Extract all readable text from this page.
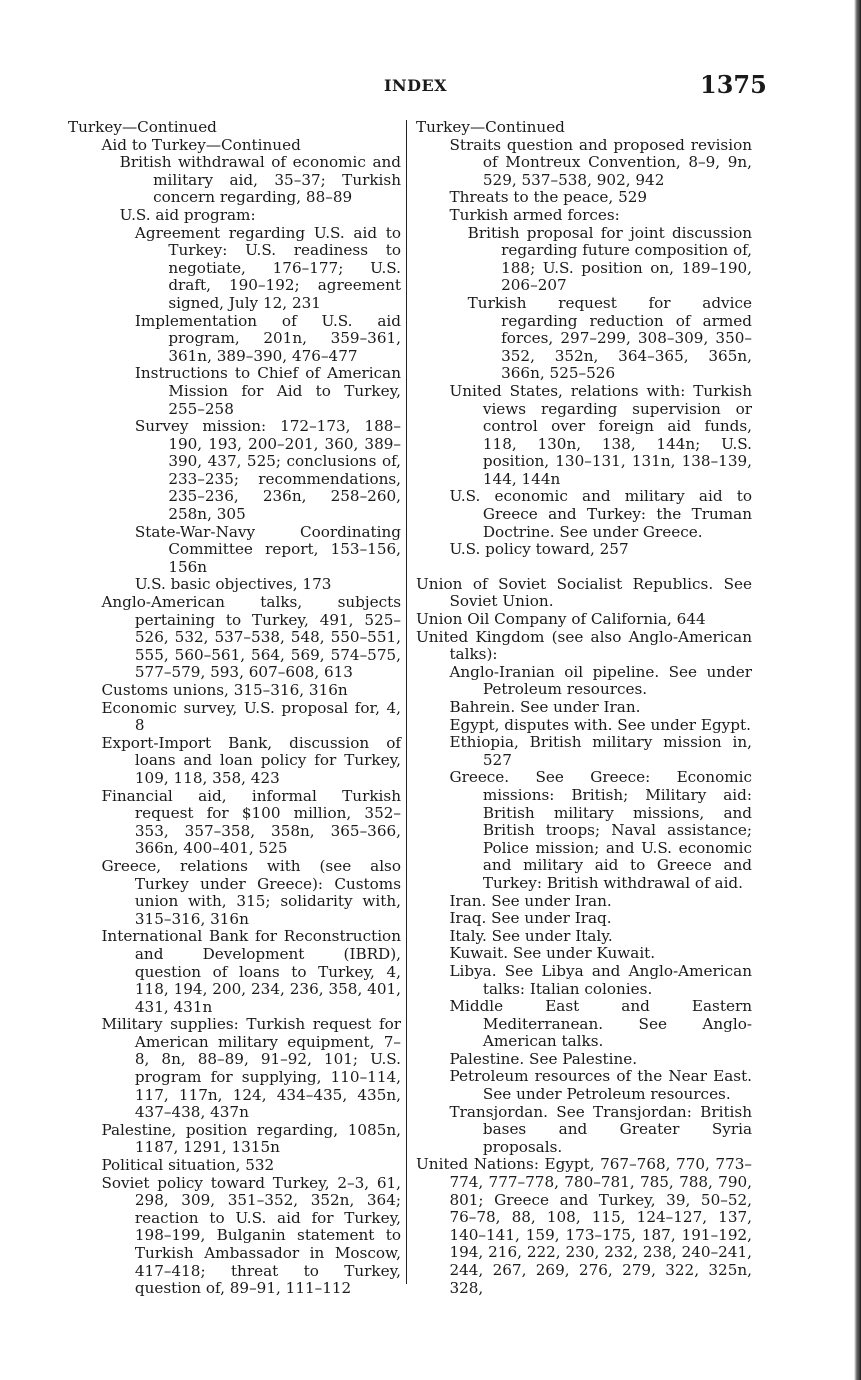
INDEX	1375

Turkey—Continued

Aid to Turkey—Continued

British withdrawal of economic and military aid, 35–37; Turkish concern regarding, 88–89

U.S. aid program:

Agreement regarding U.S. aid to Turkey: U.S. readiness to negotiate, 176–177; U.S. draft, 190–192; agreement signed, July 12, 231

Implementation of U.S. aid program, 201n, 359–361, 361n, 389–390, 476–477

Instructions to Chief of American Mission for Aid to Turkey, 255–258

Survey mission: 172–173, 188–190, 193, 200–201, 360, 389–390, 437, 525; conclusions of, 233–235; recommendations, 235–236, 236n, 258–260, 258n, 305

State-War-Navy Coordinating Committee report, 153–156, 156n

U.S. basic objectives, 173

Anglo-American talks, subjects pertaining to Turkey, 491, 525–526, 532, 537–538, 548, 550–551, 555, 560–561, 564, 569, 574–575, 577–579, 593, 607–608, 613

Customs unions, 315–316, 316n

Economic survey, U.S. proposal for, 4, 8

Export-Import Bank, discussion of loans and loan policy for Turkey, 109, 118, 358, 423

Financial aid, informal Turkish request for $100 million, 352–353, 357–358, 358n, 365–366, 366n, 400–401, 525

Greece, relations with (see also Turkey under Greece): Customs union with, 315; solidarity with, 315–316, 316n

International Bank for Reconstruction and Development (IBRD), question of loans to Turkey, 4, 118, 194, 200, 234, 236, 358, 401, 431, 431n

Military supplies: Turkish request for American military equipment, 7–8, 8n, 88–89, 91–92, 101; U.S. program for supplying, 110–114, 117, 117n, 124, 434–435, 435n, 437–438, 437n

Palestine, position regarding, 1085n, 1187, 1291, 1315n

Political situation, 532

Soviet policy toward Turkey, 2–3, 61, 298, 309, 351–352, 352n, 364; reaction to U.S. aid for Turkey, 198–199, Bulganin statement to Turkish Ambassador in Moscow, 417–418; threat to Turkey, question of, 89–91, 111–112

Turkey—Continued

Straits question and proposed revision of Montreux Convention, 8–9, 9n, 529, 537–538, 902, 942

Threats to the peace, 529

Turkish armed forces:

British proposal for joint discussion regarding future composition of, 188; U.S. position on, 189–190, 206–207

Turkish request for advice regarding reduction of armed forces, 297–299, 308–309, 350–352, 352n, 364–365, 365n, 366n, 525–526

United States, relations with: Turkish views regarding supervision or control over foreign aid funds, 118, 130n, 138, 144n; U.S. position, 130–131, 131n, 138–139, 144, 144n

U.S. economic and military aid to Greece and Turkey: the Truman Doctrine. See under Greece.

U.S. policy toward, 257

Union of Soviet Socialist Republics. See Soviet Union.

Union Oil Company of California, 644

United Kingdom (see also Anglo-American talks):

Anglo-Iranian oil pipeline. See under Petroleum resources.

Bahrein. See under Iran.

Egypt, disputes with. See under Egypt.

Ethiopia, British military mission in, 527

Greece. See Greece: Economic missions: British; Military aid: British military missions, and British troops; Naval assistance; Police mission; and U.S. economic and military aid to Greece and Turkey: British withdrawal of aid.

Iran. See under Iran.

Iraq. See under Iraq.

Italy. See under Italy.

Kuwait. See under Kuwait.

Libya. See Libya and Anglo-American talks: Italian colonies.

Middle East and Eastern Mediterranean. See Anglo-American talks.

Palestine. See Palestine.

Petroleum resources of the Near East. See under Petroleum resources.

Transjordan. See Transjordan: British bases and Greater Syria proposals.

United Nations: Egypt, 767–768, 770, 773–774, 777–778, 780–781, 785, 788, 790, 801; Greece and Turkey, 39, 50–52, 76–78, 88, 108, 115, 124–127, 137, 140–141, 159, 173–175, 187, 191–192, 194, 216, 222, 230, 232, 238, 240–241, 244, 267, 269, 276, 279, 322, 325n, 328,
